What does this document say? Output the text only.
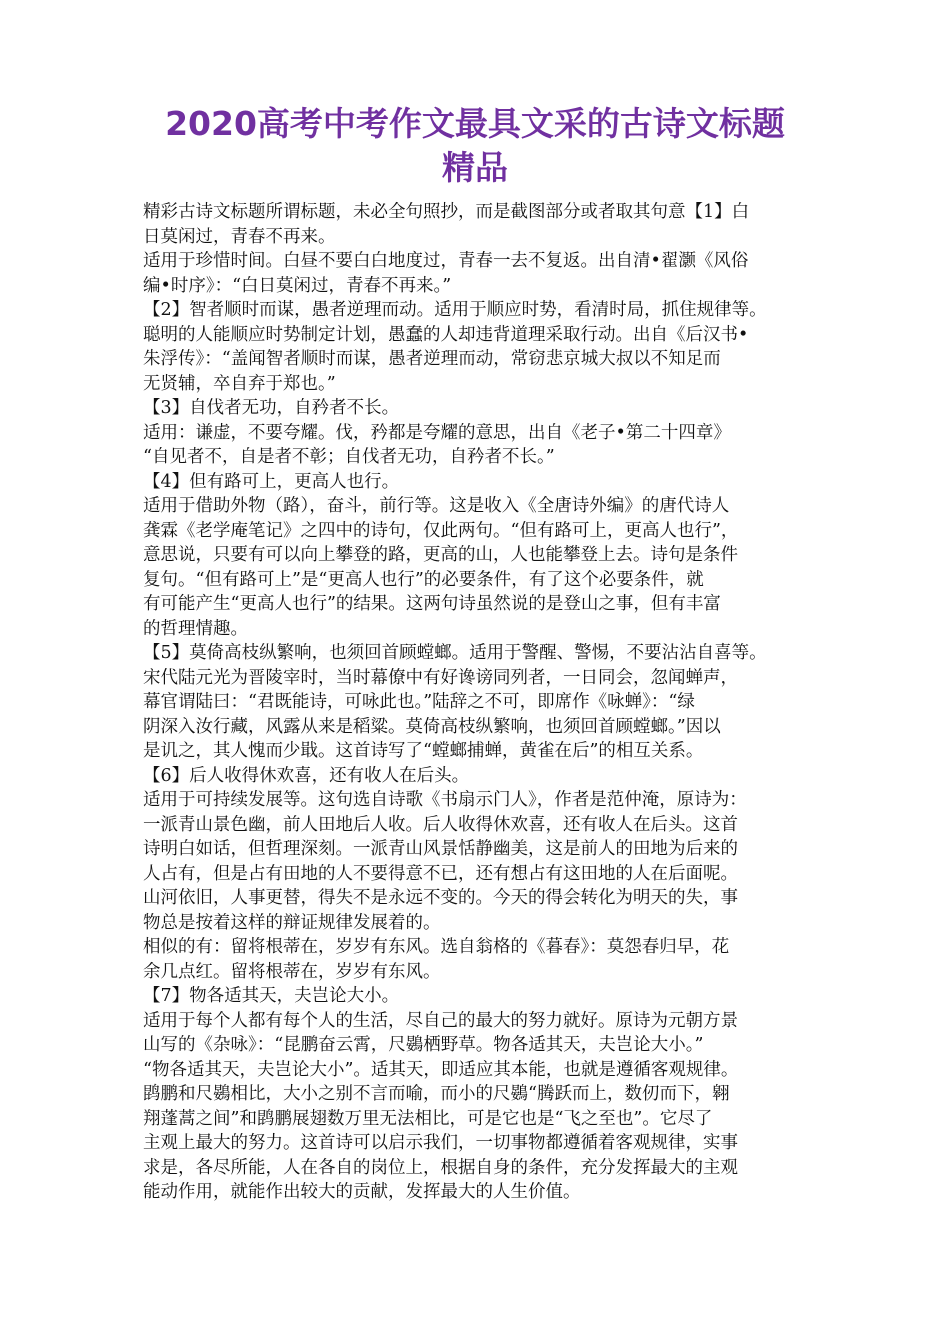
2020高考中考作文最具文采的古诗文标题
精品
精彩古诗文标题所谓标题，未必全句照抄，而是截图部分或者取其句意【1】白
日莫闲过，青春不再来。
适用于珍惜时间。白昼不要白白地度过，青春一去不复返。出自清•翟灏《风俗
编•时序》：“白日莫闲过，青春不再来。”
【2】智者顺时而谋，愚者逆理而动。适用于顺应时势，看清时局，抓住规律等。
聪明的人能顺应时势制定计划，愚蠢的人却违背道理采取行动。出自《后汉书•
朱浮传》：“盖闻智者顺时而谋，愚者逆理而动，常窃悲京城大叔以不知足而
无贤辅，卒自弃于郑也。”
【3】自伐者无功，自矜者不长。
适用：谦虚，不要夸耀。伐，矜都是夸耀的意思，出自《老子•第二十四章》
“自见者不，自是者不彰；自伐者无功，自矜者不长。”
【4】但有路可上，更高人也行。
适用于借助外物（路），奋斗，前行等。这是收入《全唐诗外编》的唐代诗人
龚霖《老学庵笔记》之四中的诗句，仅此两句。“但有路可上，更高人也行”，
意思说，只要有可以向上攀登的路，更高的山，人也能攀登上去。诗句是条件
复句。“但有路可上”是“更高人也行”的必要条件，有了这个必要条件，就
有可能产生“更高人也行”的结果。这两句诗虽然说的是登山之事，但有丰富
的哲理情趣。
【5】莫倚高枝纵繁响，也须回首顾螳螂。适用于警醒、警惕，不要沾沾自喜等。
宋代陆元光为晋陵宰时，当时幕僚中有好谗谤同列者，一日同会，忽闻蝉声，
幕官谓陆曰：“君既能诗，可咏此也。”陆辞之不可，即席作《咏蝉》：“绿
阴深入汝行藏，风露从来是稻粱。莫倚高枝纵繁响，也须回首顾螳螂。”因以
是讥之，其人愧而少戢。这首诗写了“螳螂捕蝉，黄雀在后”的相互关系。
【6】后人收得休欢喜，还有收人在后头。
适用于可持续发展等。这句选自诗歌《书扇示门人》，作者是范仲淹，原诗为：
一派青山景色幽，前人田地后人收。后人收得休欢喜，还有收人在后头。这首
诗明白如话，但哲理深刻。一派青山风景恬静幽美，这是前人的田地为后来的
人占有，但是占有田地的人不要得意不已，还有想占有这田地的人在后面呢。
山河依旧，人事更替，得失不是永远不变的。今天的得会转化为明天的失，事
物总是按着这样的辩证规律发展着的。
相似的有：留将根蒂在，岁岁有东风。选自翁格的《暮春》：莫怨春归早，花
余几点红。留将根蒂在，岁岁有东风。
【7】物各适其天，夫岂论大小。
适用于每个人都有每个人的生活，尽自己的最大的努力就好。原诗为元朝方景
山写的《杂咏》：“昆鹏奋云霄，尺鷃栖野草。物各适其天，夫岂论大小。”
“物各适其天，夫岂论大小”。适其天，即适应其本能，也就是遵循客观规律。
鹍鹏和尺鷃相比，大小之别不言而喻，而小的尺鷃“腾跃而上，数仞而下，翱
翔蓬蒿之间”和鹍鹏展翅数万里无法相比，可是它也是“飞之至也”。它尽了
主观上最大的努力。这首诗可以启示我们，一切事物都遵循着客观规律，实事
求是，各尽所能，人在各自的岗位上，根据自身的条件，充分发挥最大的主观
能动作用，就能作出较大的贡献，发挥最大的人生价值。
